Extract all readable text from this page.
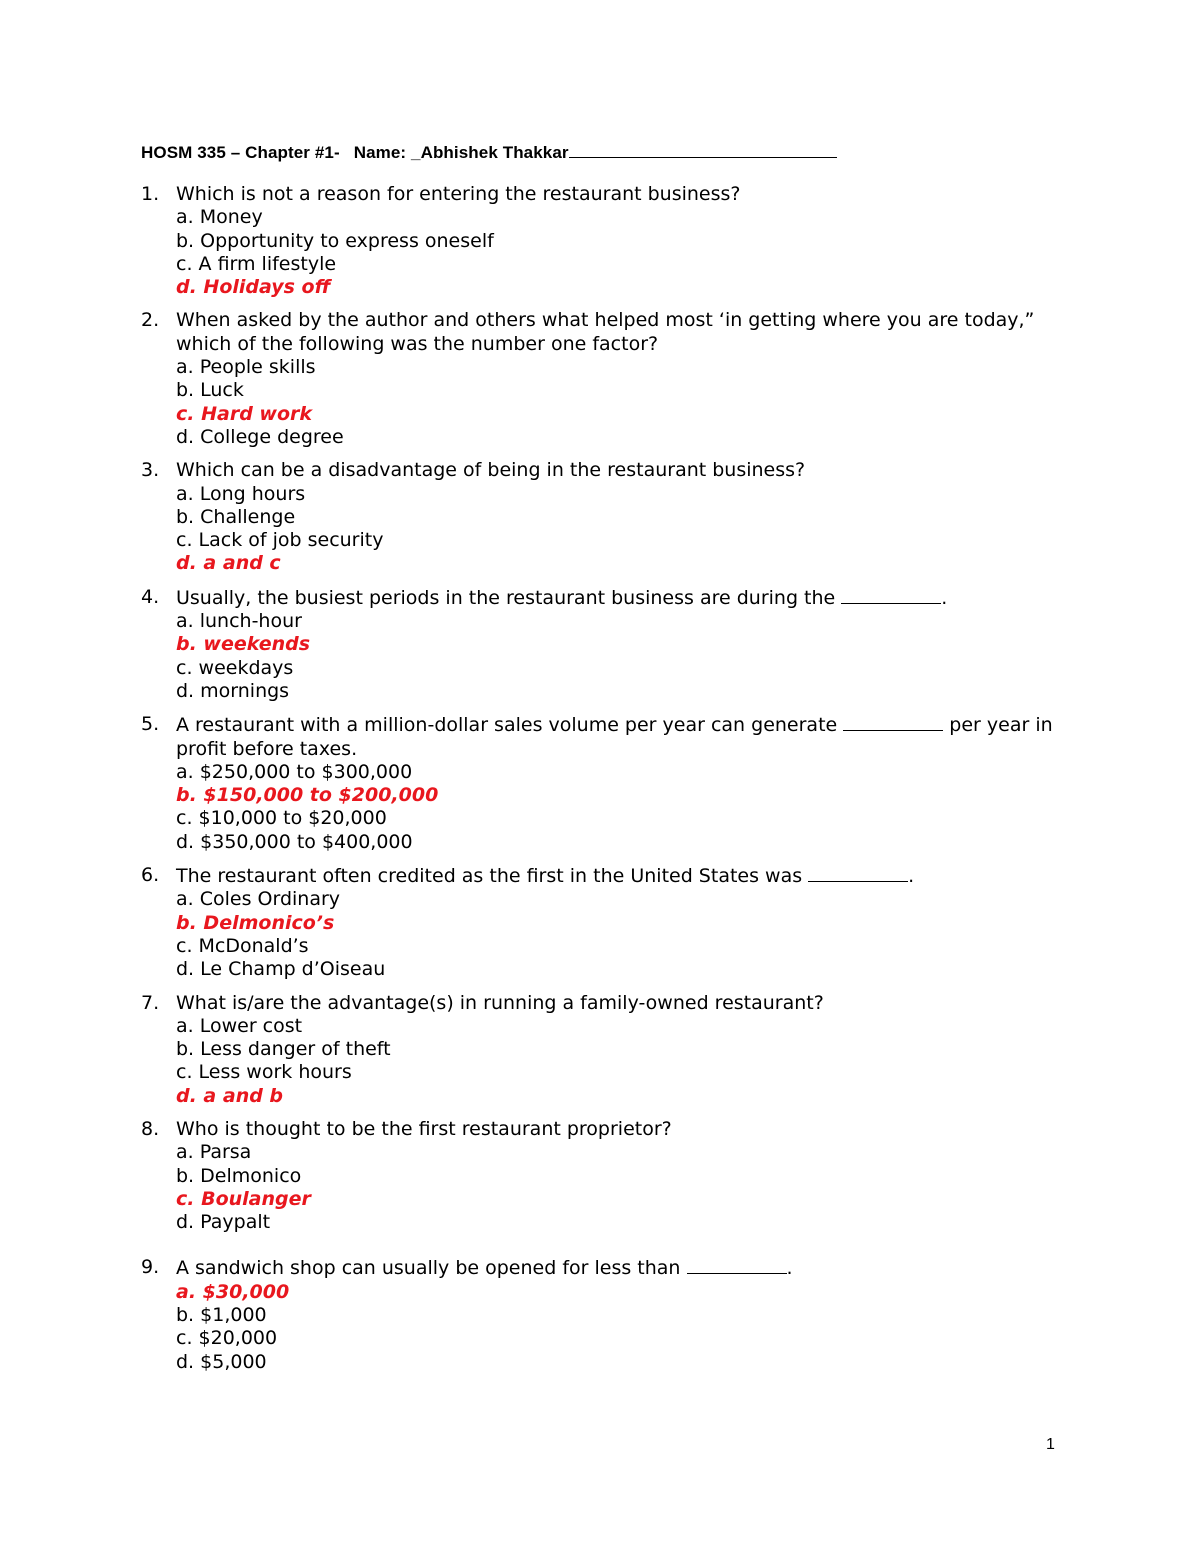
HOSM 335 – Chapter #1- Name: _Abhishek Thakkar
1. Which is not a reason for entering the restaurant business?
a. Money
b. Opportunity to express oneself
c. A firm lifestyle
d. Holidays off
2. When asked by the author and others what helped most ‘in getting where you are today,” which of the following was the number one factor?
a. People skills
b. Luck
c. Hard work
d. College degree
3. Which can be a disadvantage of being in the restaurant business?
a. Long hours
b. Challenge
c. Lack of job security
d. a and c
4. Usually, the busiest periods in the restaurant business are during the	.
a. lunch-hour
b. weekends
c. weekdays
d. mornings
5. A restaurant with a million-dollar sales volume per year can generate	per year in profit before taxes.
a. $250,000 to $300,000
b. $150,000 to $200,000
c. $10,000 to $20,000
d. $350,000 to $400,000
6. The restaurant often credited as the first in the United States was	.
a. Coles Ordinary
b. Delmonico’s
c. McDonald’s
d. Le Champ d’Oiseau
7. What is/are the advantage(s) in running a family-owned restaurant?
a. Lower cost
b. Less danger of theft
c. Less work hours
d. a and b
8. Who is thought to be the first restaurant proprietor?
a. Parsa
b. Delmonico
c. Boulanger
d. Paypalt
9. A sandwich shop can usually be opened for less than	.
a. $30,000
b. $1,000
c. $20,000
d. $5,000
1
